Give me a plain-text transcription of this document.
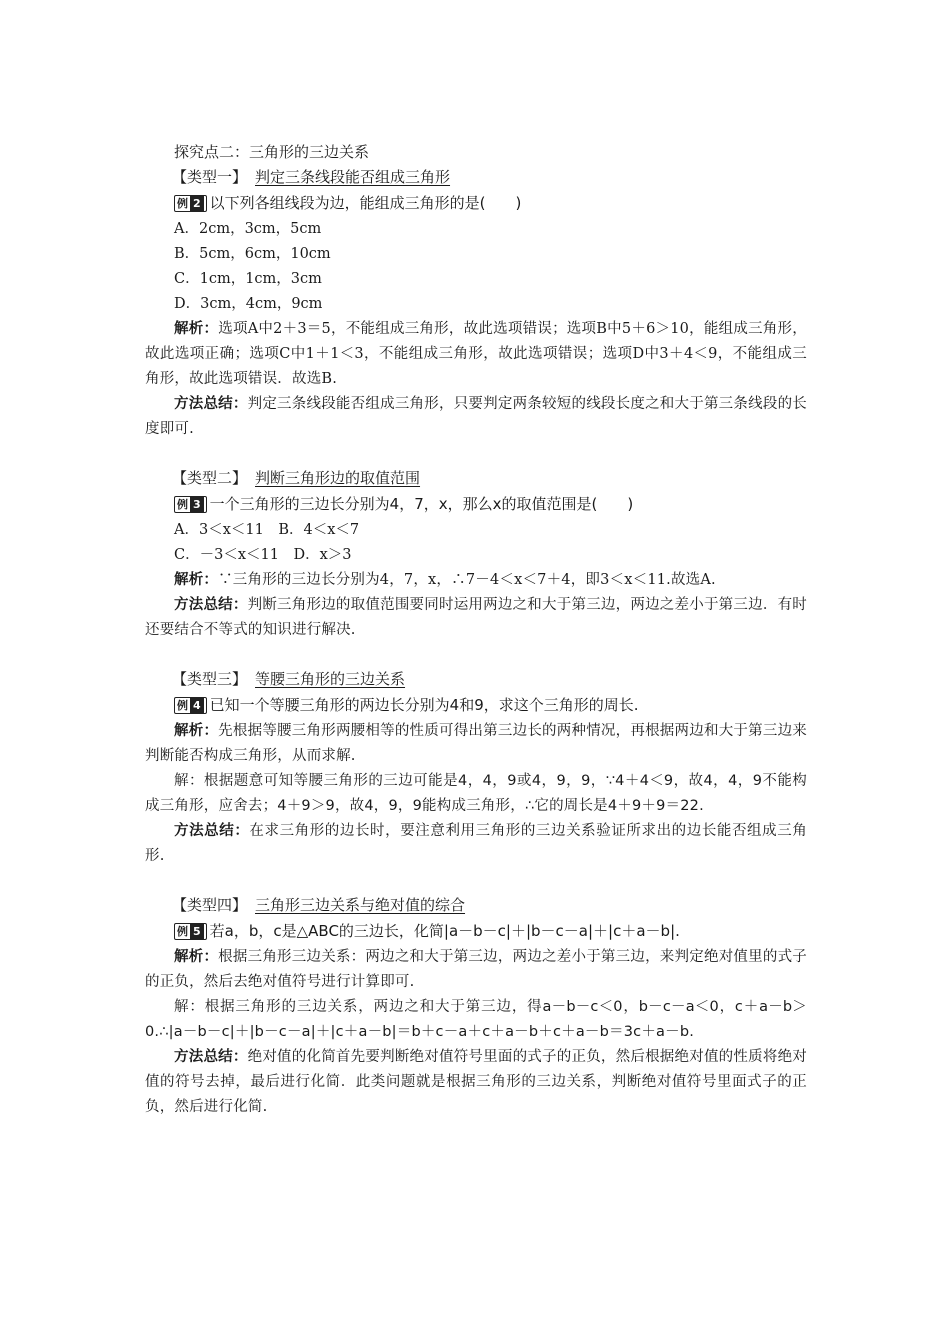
探究点二：三角形的三边关系
【类型一】 判定三条线段能否组成三角形
例 2 以下列各组线段为边，能组成三角形的是(　　)
A．2cm，3cm，5cm
B．5cm，6cm，10cm
C．1cm，1cm，3cm
D．3cm，4cm，9cm
解析：选项A中2＋3＝5，不能组成三角形，故此选项错误；选项B中5＋6＞10，能组成三角形，故此选项正确；选项C中1＋1＜3，不能组成三角形，故此选项错误；选项D中3＋4＜9，不能组成三角形，故此选项错误．故选B.
方法总结：判定三条线段能否组成三角形，只要判定两条较短的线段长度之和大于第三条线段的长度即可.
【类型二】 判断三角形边的取值范围
例 3 一个三角形的三边长分别为4，7，x，那么x的取值范围是(　　)
A．3＜x＜11　B．4＜x＜7
C．－3＜x＜11　D．x＞3
解析：∵三角形的三边长分别为4，7，x，∴7－4＜x＜7＋4，即3＜x＜11.故选A.
方法总结：判断三角形边的取值范围要同时运用两边之和大于第三边，两边之差小于第三边．有时还要结合不等式的知识进行解决.
【类型三】 等腰三角形的三边关系
例 4 已知一个等腰三角形的两边长分别为4和9，求这个三角形的周长.
解析：先根据等腰三角形两腰相等的性质可得出第三边长的两种情况，再根据两边和大于第三边来判断能否构成三角形，从而求解.
解：根据题意可知等腰三角形的三边可能是4，4，9或4，9，9，∵4＋4＜9，故4，4，9不能构成三角形，应舍去；4＋9＞9，故4，9，9能构成三角形，∴它的周长是4＋9＋9＝22.
方法总结：在求三角形的边长时，要注意利用三角形的三边关系验证所求出的边长能否组成三角形.
【类型四】 三角形三边关系与绝对值的综合
例 5 若a，b，c是△ABC的三边长，化简|a－b－c|＋|b－c－a|＋|c＋a－b|.
解析：根据三角形三边关系：两边之和大于第三边，两边之差小于第三边，来判定绝对值里的式子的正负，然后去绝对值符号进行计算即可.
解：根据三角形的三边关系，两边之和大于第三边，得a－b－c＜0，b－c－a＜0，c＋a－b＞0.∴|a－b－c|＋|b－c－a|＋|c＋a－b|＝b＋c－a＋c＋a－b＋c＋a－b＝3c＋a－b.
方法总结：绝对值的化简首先要判断绝对值符号里面的式子的正负，然后根据绝对值的性质将绝对值的符号去掉，最后进行化简．此类问题就是根据三角形的三边关系，判断绝对值符号里面式子的正负，然后进行化简.
